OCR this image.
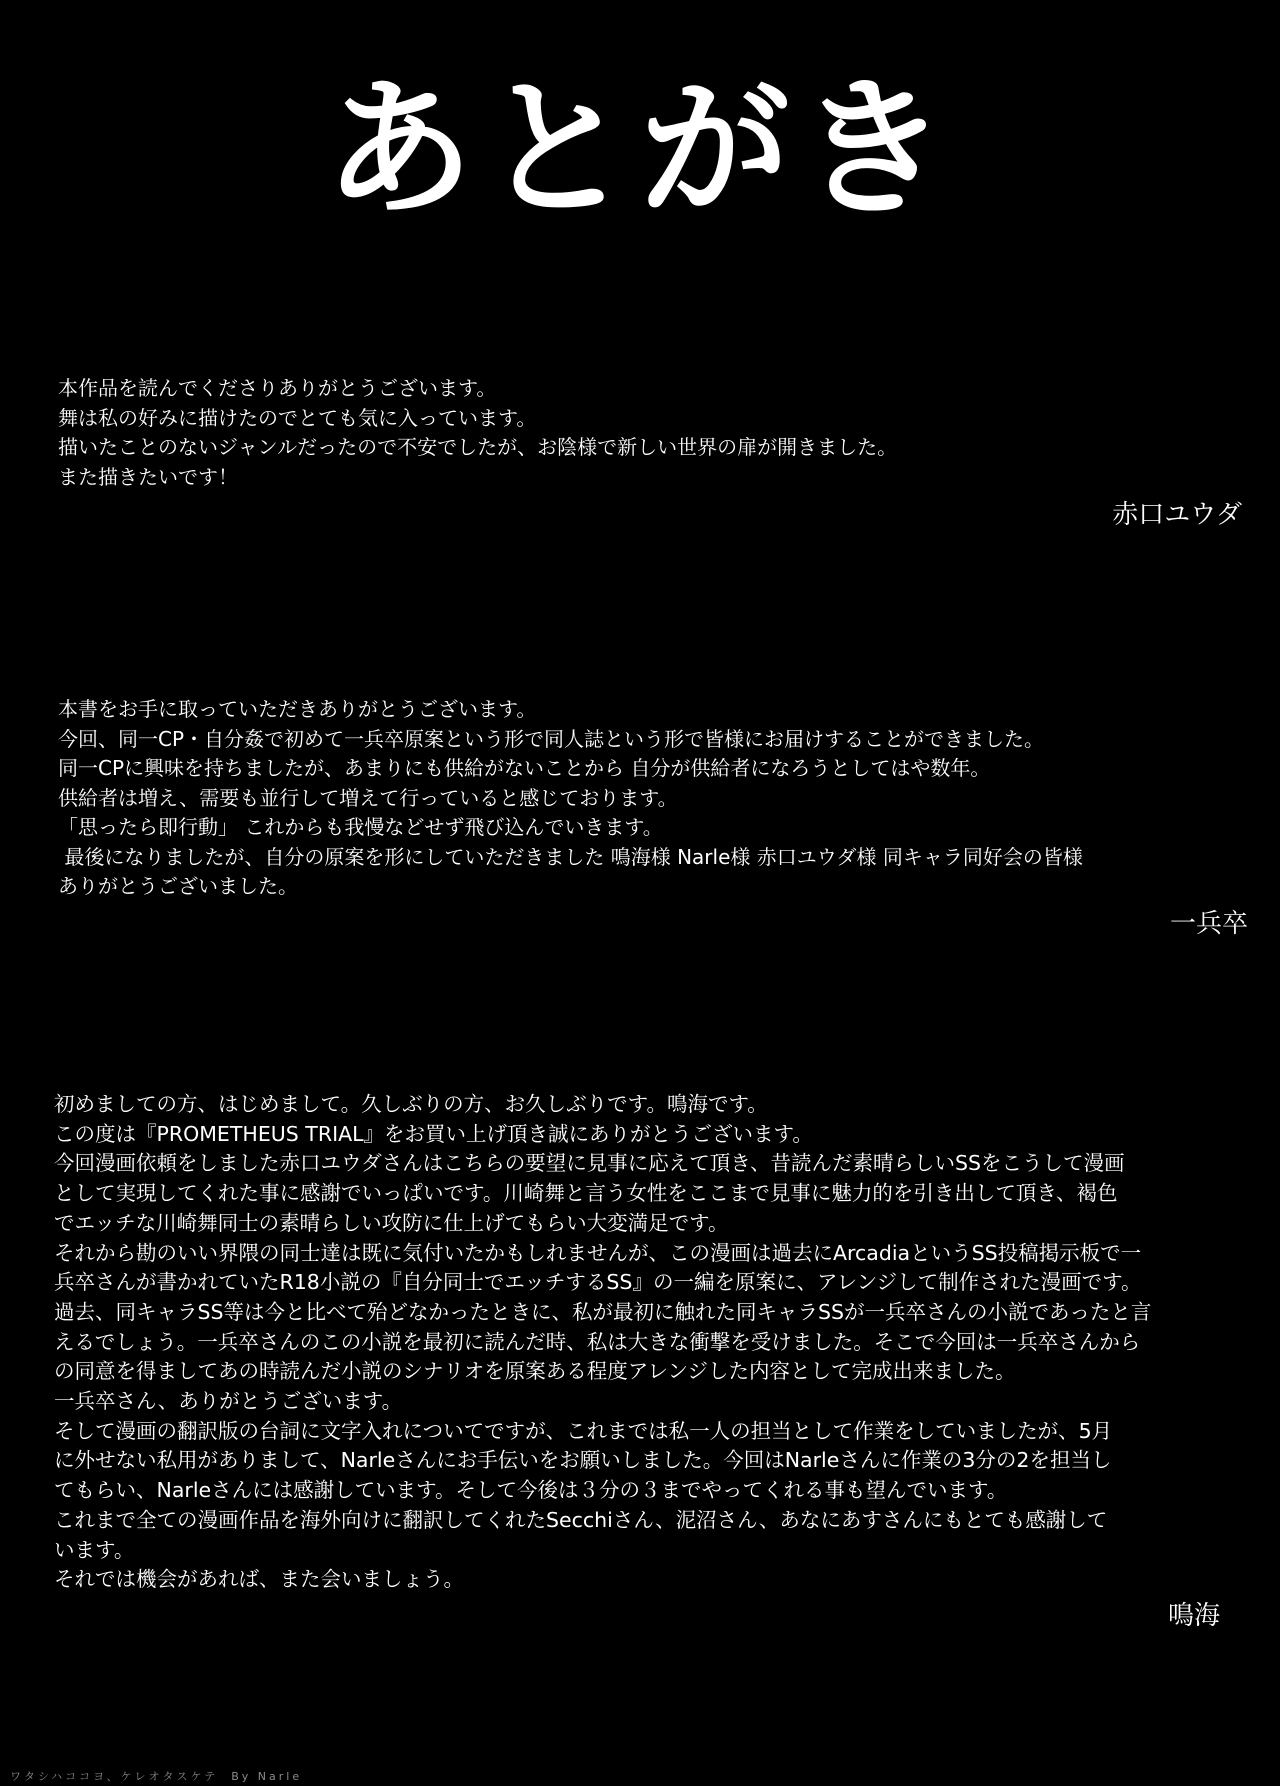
あとがき
本作品を読んでくださりありがとうございます。
舞は私の好みに描けたのでとても気に入っています。
描いたことのないジャンルだったので不安でしたが、お陰様で新しい世界の扉が開きました。
また描きたいです！
赤口ユウダ
本書をお手に取っていただきありがとうございます。
今回、同一CP・自分姦で初めて一兵卒原案という形で同人誌という形で皆様にお届けすることができました。
同一CPに興味を持ちましたが、あまりにも供給がないことから 自分が供給者になろうとしてはや数年。
供給者は増え、需要も並行して増えて行っていると感じております。
「思ったら即行動」 これからも我慢などせず飛び込んでいきます。
最後になりましたが、自分の原案を形にしていただきました 鳴海様 Narle様 赤口ユウダ様 同キャラ同好会の皆様
ありがとうございました。
一兵卒
初めましての方、はじめまして。久しぶりの方、お久しぶりです。鳴海です。
この度は『PROMETHEUS TRIAL』をお買い上げ頂き誠にありがとうございます。
今回漫画依頼をしました赤口ユウダさんはこちらの要望に見事に応えて頂き、昔読んだ素晴らしいSSをこうして漫画
として実現してくれた事に感謝でいっぱいです。川崎舞と言う女性をここまで見事に魅力的を引き出して頂き、褐色
でエッチな川崎舞同士の素晴らしい攻防に仕上げてもらい大変満足です。
それから勘のいい界隈の同士達は既に気付いたかもしれませんが、この漫画は過去にArcadiaというSS投稿掲示板で一
兵卒さんが書かれていたR18小説の『自分同士でエッチするSS』の一編を原案に、アレンジして制作された漫画です。
過去、同キャラSS等は今と比べて殆どなかったときに、私が最初に触れた同キャラSSが一兵卒さんの小説であったと言
えるでしょう。一兵卒さんのこの小説を最初に読んだ時、私は大きな衝撃を受けました。そこで今回は一兵卒さんから
の同意を得ましてあの時読んだ小説のシナリオを原案ある程度アレンジした内容として完成出来ました。
一兵卒さん、ありがとうございます。
そして漫画の翻訳版の台詞に文字入れについてですが、これまでは私一人の担当として作業をしていましたが、5月
に外せない私用がありまして、Narleさんにお手伝いをお願いしました。今回はNarleさんに作業の3分の2を担当し
てもらい、Narleさんには感謝しています。そして今後は３分の３までやってくれる事も望んでいます。
これまで全ての漫画作品を海外向けに翻訳してくれたSecchiさん、泥沼さん、あなにあすさんにもとても感謝して
います。
それでは機会があれば、また会いましょう。
鳴海
ワタシハココヨ、ケレオタスケテ  By Narle
